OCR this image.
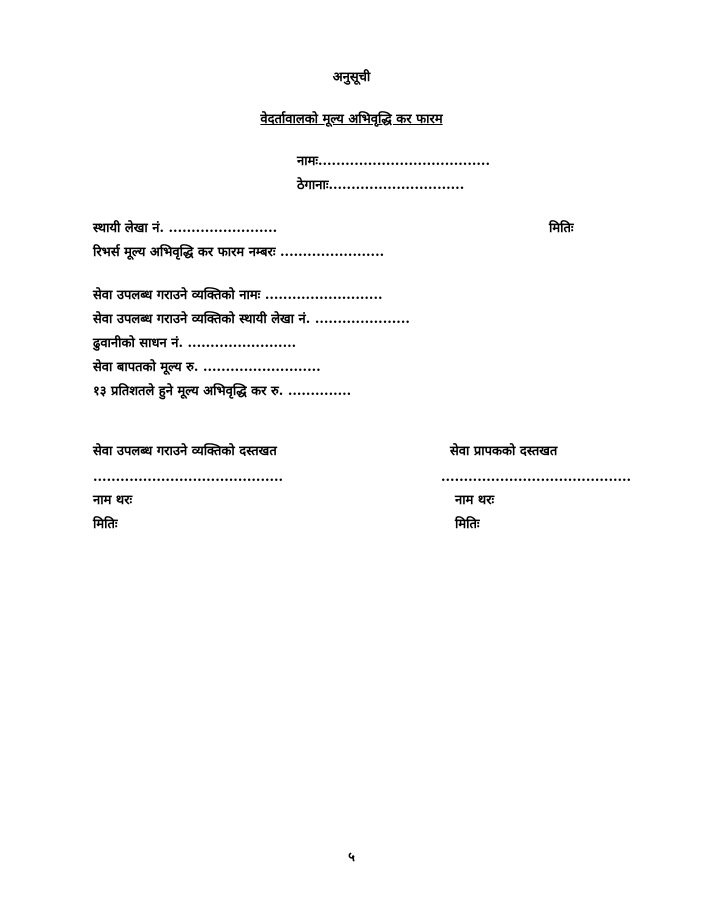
अनुसूची
वेदर्तावालको मूल्य अभिवृद्धि कर फारम
नामः......................................
ठेगानाः..............................
स्थायी लेखा नं. ........................	मितिः
रिभर्स मूल्य अभिवृद्धि कर फारम नम्बरः .......................
सेवा उपलब्ध गराउने व्यक्तिको नामः ..........................
सेवा उपलब्ध गराउने व्यक्तिको स्थायी लेखा नं. .....................
ढुवानीको साधन नं. ........................
सेवा बापतको मूल्य रु. ..........................
१३ प्रतिशतले हुने मूल्य अभिवृद्धि कर रु. ..............
सेवा उपलब्ध गराउने व्यक्तिको दस्तखत
..........................................
नाम थरः
मितिः
सेवा प्रापकको दस्तखत
..........................................
नाम थरः
मितिः
५
